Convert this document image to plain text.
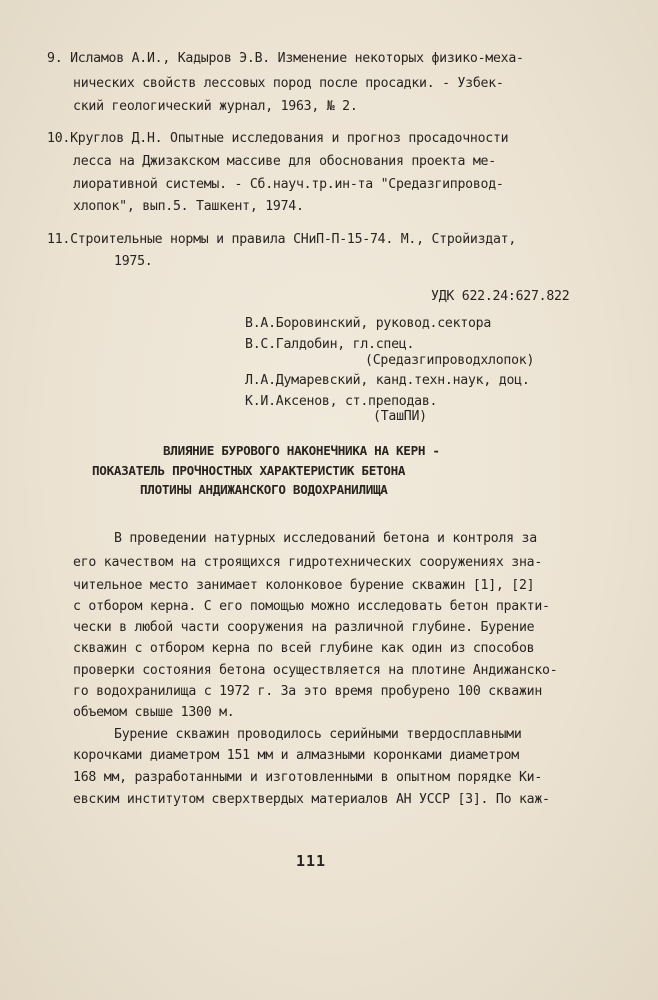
9. Исламов А.И., Кадыров Э.В. Изменение некоторых физико-меха-
ничеcких свойств лессовых пород после просадки. - Узбек-
ский геологический журнал, 1963, № 2.
10.Круглов Д.Н. Опытные исследования и прогноз просадочности
лесса на Джизакском массиве для обоснования проекта ме-
лиоративной системы. - Сб.науч.тр.ин-та "Средазгипровод-
хлопок", вып.5. Ташкент, 1974.
11.Строительные нормы и правила СНиП-П-15-74. М., Стройиздат,
1975.
УДК 622.24:627.822
В.А.Боровинский, руковод.сектора
В.С.Галдобин, гл.спец.
(Средазгипроводхлопок)
Л.А.Думаревский, канд.техн.наук, доц.
К.И.Аксенов, ст.преподав.
(ТашПИ)
ВЛИЯНИЕ БУРОВОГО НАКОНЕЧНИКА НА КЕРН -
ПОКАЗАТЕЛЬ ПРОЧНОСТНЫХ ХАРАКТЕРИСТИК БЕТОНА
ПЛОТИНЫ АНДИЖАНСКОГО ВОДОХРАНИЛИЩА
В проведении натурных исследований бетона и контроля за
его качеством на строящихся гидротехнических сооружениях зна-
чительное место занимает колонковое бурение скважин [1], [2]
с отбором керна. С его помощью можно исследовать бетон практи-
чески в любой части сооружения на различной глубине. Бурение
скважин с отбором керна по всей глубине как один из способов
проверки состояния бетона осуществляется на плотине Андижанско-
го водохранилища с 1972 г. За это время пробурено 100 скважин
объемом свыше 1300 м.
Бурение скважин проводилось серийными твердосплавными
корочками диаметром 151 мм и алмазными коронками диаметром
168 мм, разработанными и изготовленными в опытном порядке Ки-
евским институтом сверхтвердых материалов АН УССР [3]. По каж-
111
